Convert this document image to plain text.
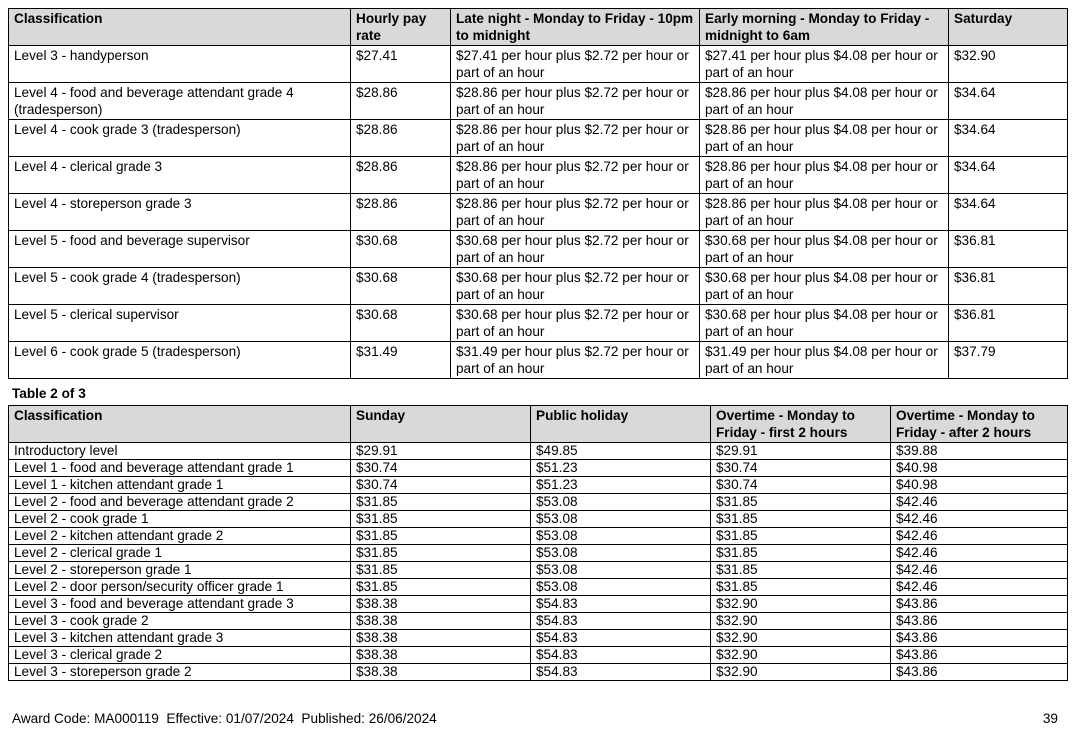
Classification	Hourly pay rate	Late night - Monday to Friday - 10pm to midnight	Early morning - Monday to Friday - midnight to 6am	Saturday
Level 3 - handyperson	$27.41	$27.41 per hour plus $2.72 per hour or part of an hour	$27.41 per hour plus $4.08 per hour or part of an hour	$32.90
Level 4 - food and beverage attendant grade 4 (tradesperson)	$28.86	$28.86 per hour plus $2.72 per hour or part of an hour	$28.86 per hour plus $4.08 per hour or part of an hour	$34.64
Level 4 - cook grade 3 (tradesperson)	$28.86	$28.86 per hour plus $2.72 per hour or part of an hour	$28.86 per hour plus $4.08 per hour or part of an hour	$34.64
Level 4 - clerical grade 3	$28.86	$28.86 per hour plus $2.72 per hour or part of an hour	$28.86 per hour plus $4.08 per hour or part of an hour	$34.64
Level 4 - storeperson grade 3	$28.86	$28.86 per hour plus $2.72 per hour or part of an hour	$28.86 per hour plus $4.08 per hour or part of an hour	$34.64
Level 5 - food and beverage supervisor	$30.68	$30.68 per hour plus $2.72 per hour or part of an hour	$30.68 per hour plus $4.08 per hour or part of an hour	$36.81
Level 5 - cook grade 4 (tradesperson)	$30.68	$30.68 per hour plus $2.72 per hour or part of an hour	$30.68 per hour plus $4.08 per hour or part of an hour	$36.81
Level 5 - clerical supervisor	$30.68	$30.68 per hour plus $2.72 per hour or part of an hour	$30.68 per hour plus $4.08 per hour or part of an hour	$36.81
Level 6 - cook grade 5 (tradesperson)	$31.49	$31.49 per hour plus $2.72 per hour or part of an hour	$31.49 per hour plus $4.08 per hour or part of an hour	$37.79
Table 2 of 3
Classification	Sunday	Public holiday	Overtime - Monday to Friday - first 2 hours	Overtime - Monday to Friday - after 2 hours
Introductory level	$29.91	$49.85	$29.91	$39.88
Level 1 - food and beverage attendant grade 1	$30.74	$51.23	$30.74	$40.98
Level 1 - kitchen attendant grade 1	$30.74	$51.23	$30.74	$40.98
Level 2 - food and beverage attendant grade 2	$31.85	$53.08	$31.85	$42.46
Level 2 - cook grade 1	$31.85	$53.08	$31.85	$42.46
Level 2 - kitchen attendant grade 2	$31.85	$53.08	$31.85	$42.46
Level 2 - clerical grade 1	$31.85	$53.08	$31.85	$42.46
Level 2 - storeperson grade 1	$31.85	$53.08	$31.85	$42.46
Level 2 - door person/security officer grade 1	$31.85	$53.08	$31.85	$42.46
Level 3 - food and beverage attendant grade 3	$38.38	$54.83	$32.90	$43.86
Level 3 - cook grade 2	$38.38	$54.83	$32.90	$43.86
Level 3 - kitchen attendant grade 3	$38.38	$54.83	$32.90	$43.86
Level 3 - clerical grade 2	$38.38	$54.83	$32.90	$43.86
Level 3 - storeperson grade 2	$38.38	$54.83	$32.90	$43.86
Award Code: MA000119  Effective: 01/07/2024  Published: 26/06/2024	39
